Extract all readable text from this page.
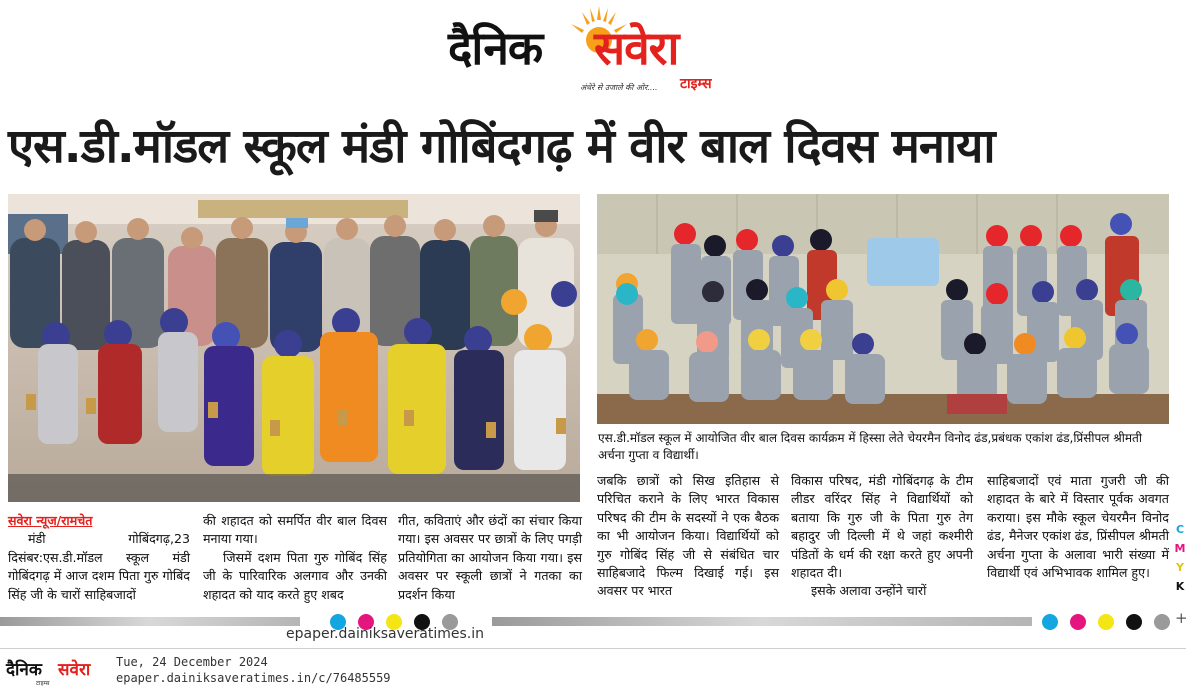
दैनिक सवेरा
अंधेरे से उजाले की ओर.... टाइम्स
एस.डी.मॉडल स्कूल मंडी गोबिंदगढ़ में वीर बाल दिवस मनाया

एस.डी.मॉडल स्कूल में आयोजित वीर बाल दिवस कार्यक्रम में हिस्सा लेते चेयरमैन विनोद ढंड,प्रबंधक एकांश ढंड,प्रिंसीपल श्रीमती अर्चना गुप्ता व विद्यार्थी।

सवेरा न्यूज/रामचेत
मंडी गोबिंदगढ़,23 दिसंबर:एस.डी.मॉडल स्कूल मंडी गोबिंदगढ़ में आज दशम पिता गुरु गोबिंद सिंह जी के चारों साहिबजादों
की शहादत को समर्पित वीर बाल दिवस मनाया गया।
जिसमें दशम पिता गुरु गोबिंद सिंह जी के पारिवारिक अलगाव और उनकी शहादत को याद करते हुए शबद
गीत, कविताएं और छंदों का संचार किया गया। इस अवसर पर छात्रों के लिए पगड़ी प्रतियोगिता का आयोजन किया गया। इस अवसर पर स्कूली छात्रों ने गतका का प्रदर्शन किया
जबकि छात्रों को सिख इतिहास से परिचित कराने के लिए भारत विकास परिषद की टीम के सदस्यों ने एक बैठक का भी आयोजन किया। विद्यार्थियों को गुरु गोबिंद सिंह जी से संबंधित चार साहिबजादे फिल्म दिखाई गई। इस अवसर पर भारत
विकास परिषद, मंडी गोबिंदगढ़ के टीम लीडर वरिंदर सिंह ने विद्यार्थियों को बताया कि गुरु जी के पिता गुरु तेग बहादुर जी दिल्ली में थे जहां कश्मीरी पंडितों के धर्म की रक्षा करते हुए अपनी शहादत दी।
इसके अलावा उन्होंने चारों
साहिबजादों एवं माता गुजरी जी की शहादत के बारे में विस्तार पूर्वक अवगत कराया। इस मौके स्कूल चेयरमैन विनोद ढंड, मैनेजर एकांश ढंड, प्रिंसीपल श्रीमती अर्चना गुप्ता के अलावा भारी संख्या में विद्यार्थी एवं अभिभावक शामिल हुए।
C
M
Y
K
+
epaper.dainiksaveratimes.in
दैनिक सवेरा
टाइम्स
Tue, 24 December 2024
epaper.dainiksaveratimes.in/c/76485559
